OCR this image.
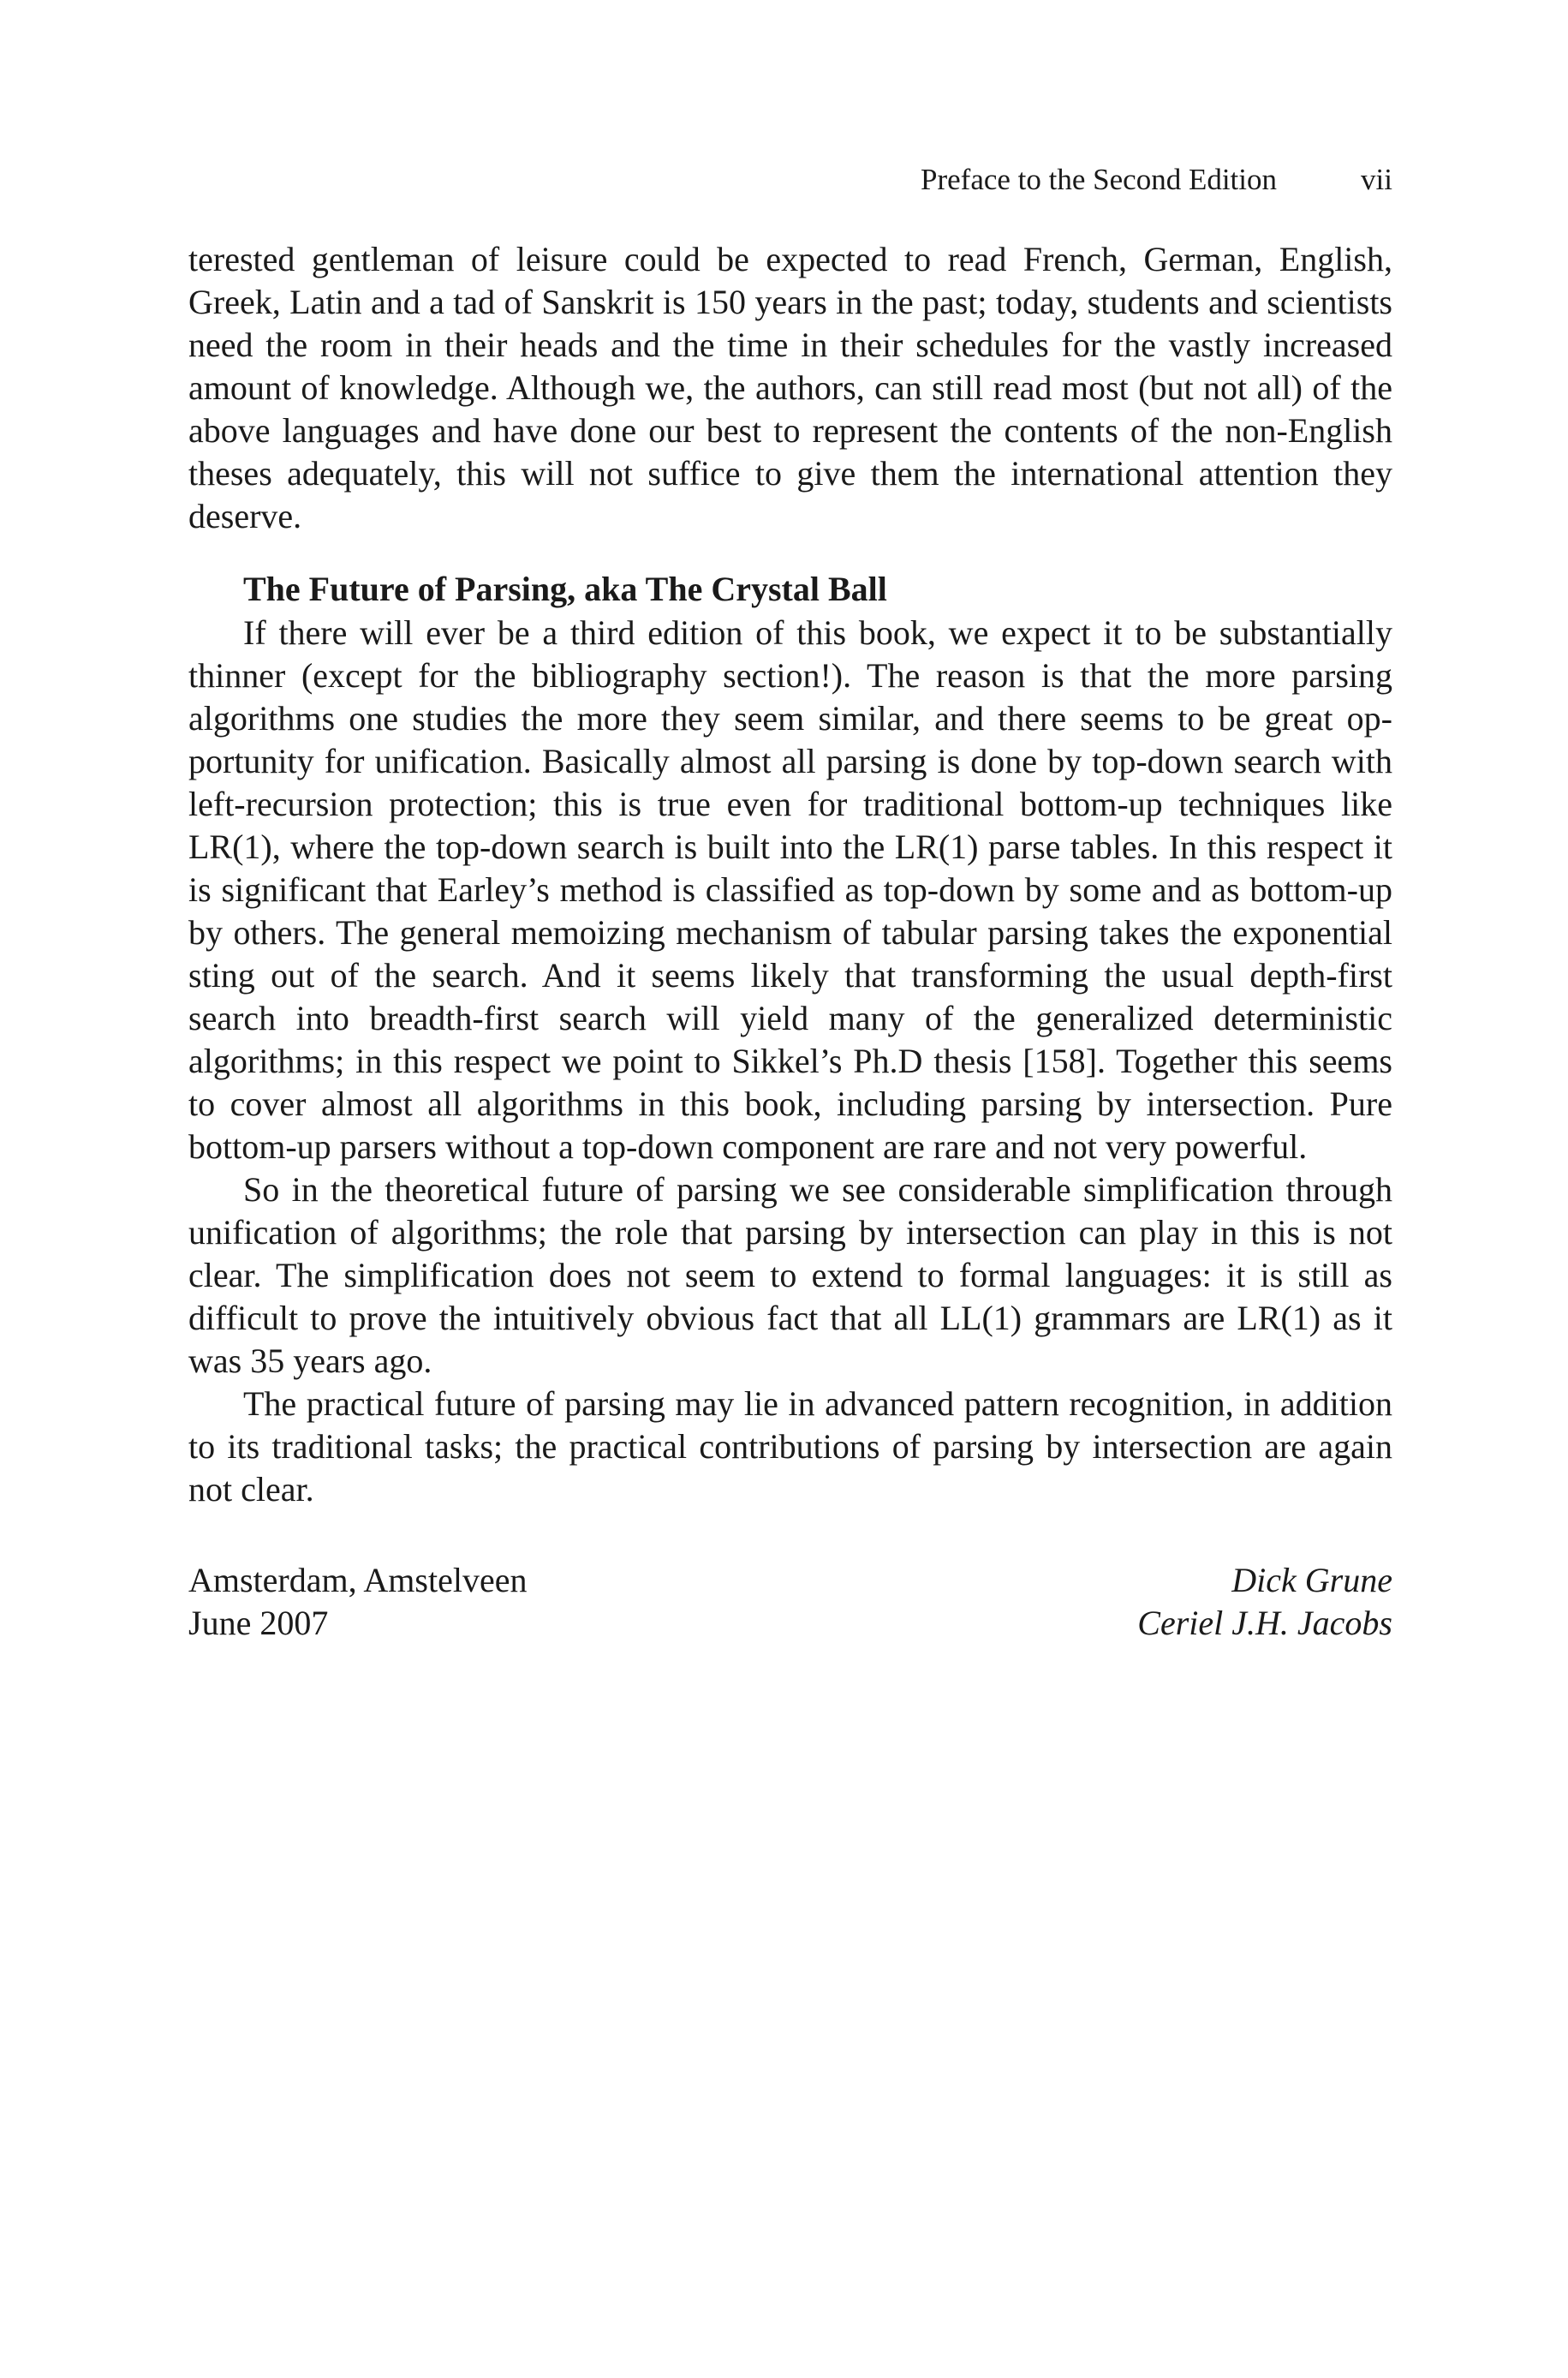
Preface to the Second Edition	vii

terested gentleman of leisure could be expected to read French, German, English, Greek, Latin and a tad of Sanskrit is 150 years in the past; today, students and scientists need the room in their heads and the time in their schedules for the vastly increased amount of knowledge. Although we, the authors, can still read most (but not all) of the above languages and have done our best to represent the contents of the non-English theses adequately, this will not suffice to give them the international attention they deserve.

The Future of Parsing, aka The Crystal Ball

If there will ever be a third edition of this book, we expect it to be substantially thinner (except for the bibliography section!). The reason is that the more parsing algorithms one studies the more they seem similar, and there seems to be great opportunity for unification. Basically almost all parsing is done by top-down search with left-recursion protection; this is true even for traditional bottom-up techniques like LR(1), where the top-down search is built into the LR(1) parse tables. In this respect it is significant that Earley’s method is classified as top-down by some and as bottom-up by others. The general memoizing mechanism of tabular parsing takes the exponential sting out of the search. And it seems likely that transforming the usual depth-first search into breadth-first search will yield many of the generalized deterministic algorithms; in this respect we point to Sikkel’s Ph.D thesis [158]. Together this seems to cover almost all algorithms in this book, including parsing by intersection. Pure bottom-up parsers without a top-down component are rare and not very powerful.

So in the theoretical future of parsing we see considerable simplification through unification of algorithms; the role that parsing by intersection can play in this is not clear. The simplification does not seem to extend to formal languages: it is still as difficult to prove the intuitively obvious fact that all LL(1) grammars are LR(1) as it was 35 years ago.

The practical future of parsing may lie in advanced pattern recognition, in addition to its traditional tasks; the practical contributions of parsing by intersection are again not clear.

Amsterdam, Amstelveen
June 2007
Dick Grune
Ceriel J.H. Jacobs
